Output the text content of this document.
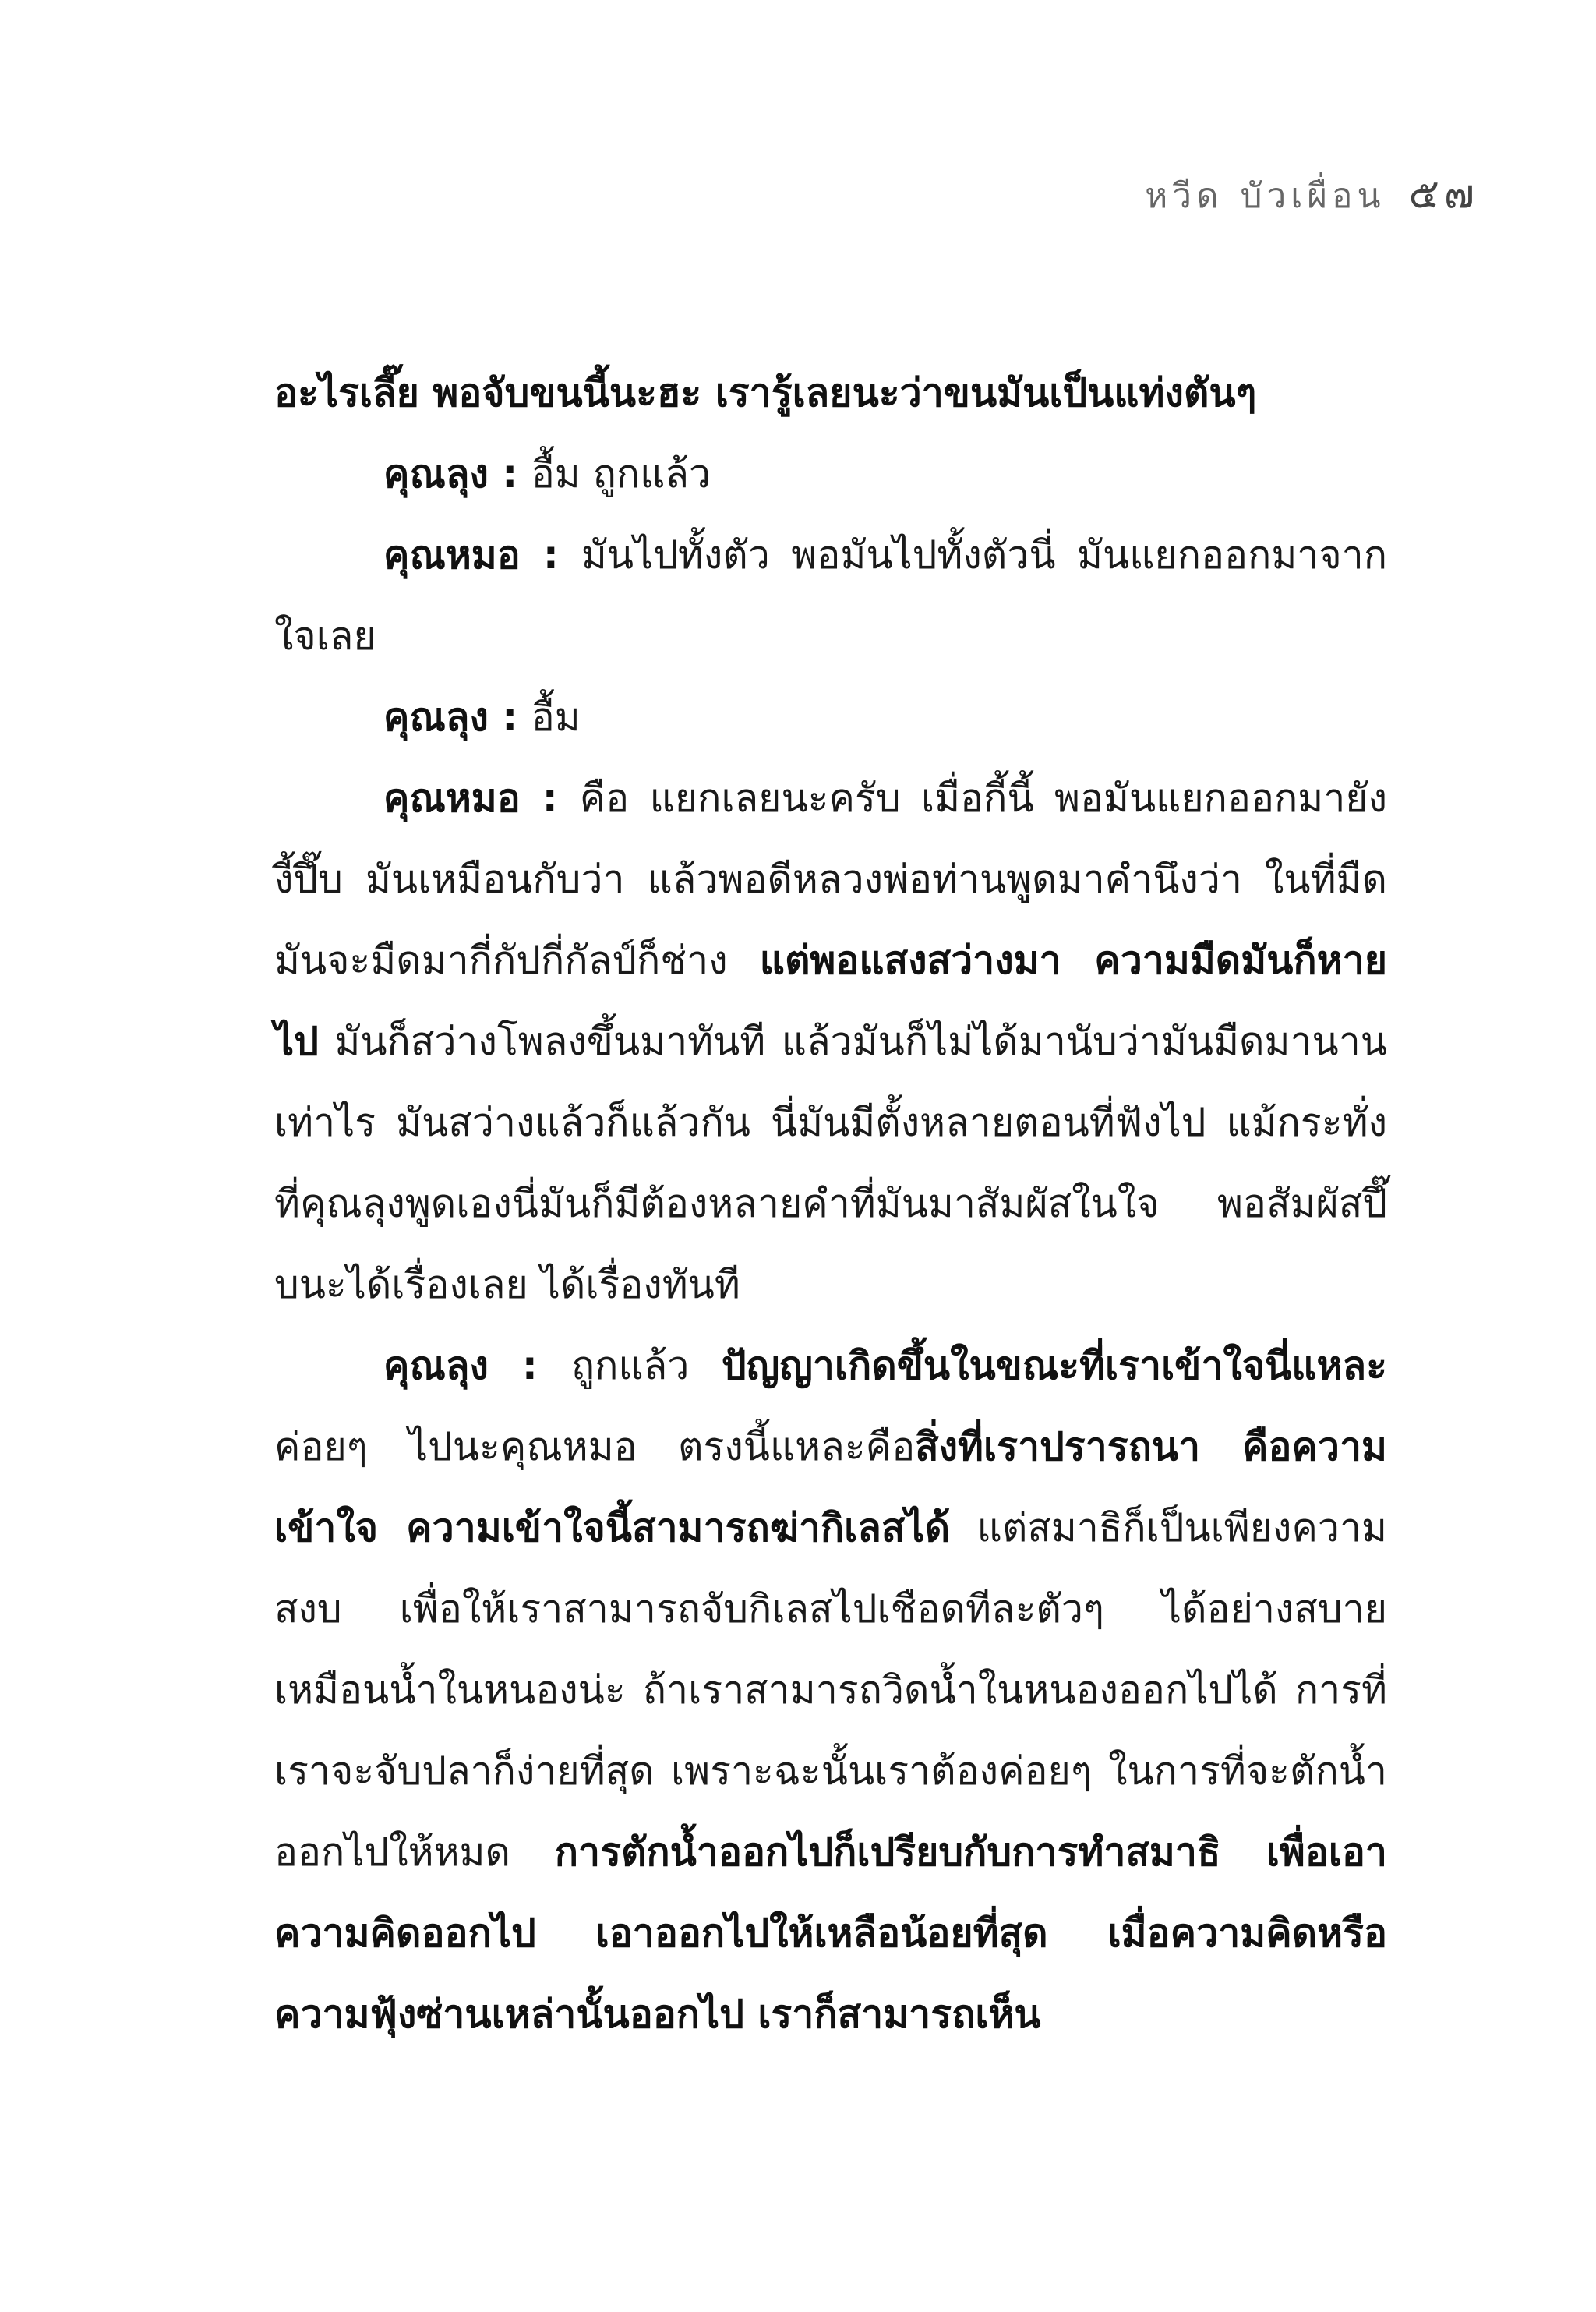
หวีด บัวเผื่อน ๕๗

อะไรเลี๊ย พอจับขนนี้นะฮะ เรารู้เลยนะว่าขนมันเป็นแท่งตันๆ

คุณลุง : อื้ม ถูกแล้ว

คุณหมอ : มันไปทั้งตัว พอมันไปทั้งตัวนี่ มันแยกออกมาจากใจเลย

คุณลุง : อื้ม

คุณหมอ : คือ แยกเลยนะครับ เมื่อกี้นี้ พอมันแยกออกมายังงี้ปึ๊บ มันเหมือนกับว่า แล้วพอดีหลวงพ่อท่านพูดมาคำนึงว่า ในที่มืด มันจะมืดมากี่กัปกี่กัลป์ก็ช่าง แต่พอแสงสว่างมา ความมืดมันก็หายไป มันก็สว่างโพลงขึ้นมาทันที แล้วมันก็ไม่ได้มานับว่ามันมืดมานานเท่าไร มันสว่างแล้วก็แล้วกัน นี่มันมีตั้งหลายตอนที่ฟังไป แม้กระทั่งที่คุณลุงพูดเองนี่มันก็มีต้องหลายคำที่มันมาสัมผัสในใจ พอสัมผัสปึ๊บนะได้เรื่องเลย ได้เรื่องทันที

คุณลุง : ถูกแล้ว ปัญญาเกิดขึ้นในขณะที่เราเข้าใจนี่แหละ ค่อยๆ ไปนะคุณหมอ ตรงนี้แหละคือสิ่งที่เราปรารถนา คือความเข้าใจ ความเข้าใจนี้สามารถฆ่ากิเลสได้ แต่สมาธิก็เป็นเพียงความสงบ เพื่อให้เราสามารถจับกิเลสไปเชือดทีละตัวๆ ได้อย่างสบาย เหมือนน้ำในหนองน่ะ ถ้าเราสามารถวิดน้ำในหนองออกไปได้ การที่เราจะจับปลาก็ง่ายที่สุด เพราะฉะนั้นเราต้องค่อยๆ ในการที่จะตักน้ำออกไปให้หมด การตักน้ำออกไปก็เปรียบกับการทำสมาธิ เพื่อเอาความคิดออกไป เอาออกไปให้เหลือน้อยที่สุด เมื่อความคิดหรือความฟุ้งซ่านเหล่านั้นออกไป เราก็สามารถเห็น
